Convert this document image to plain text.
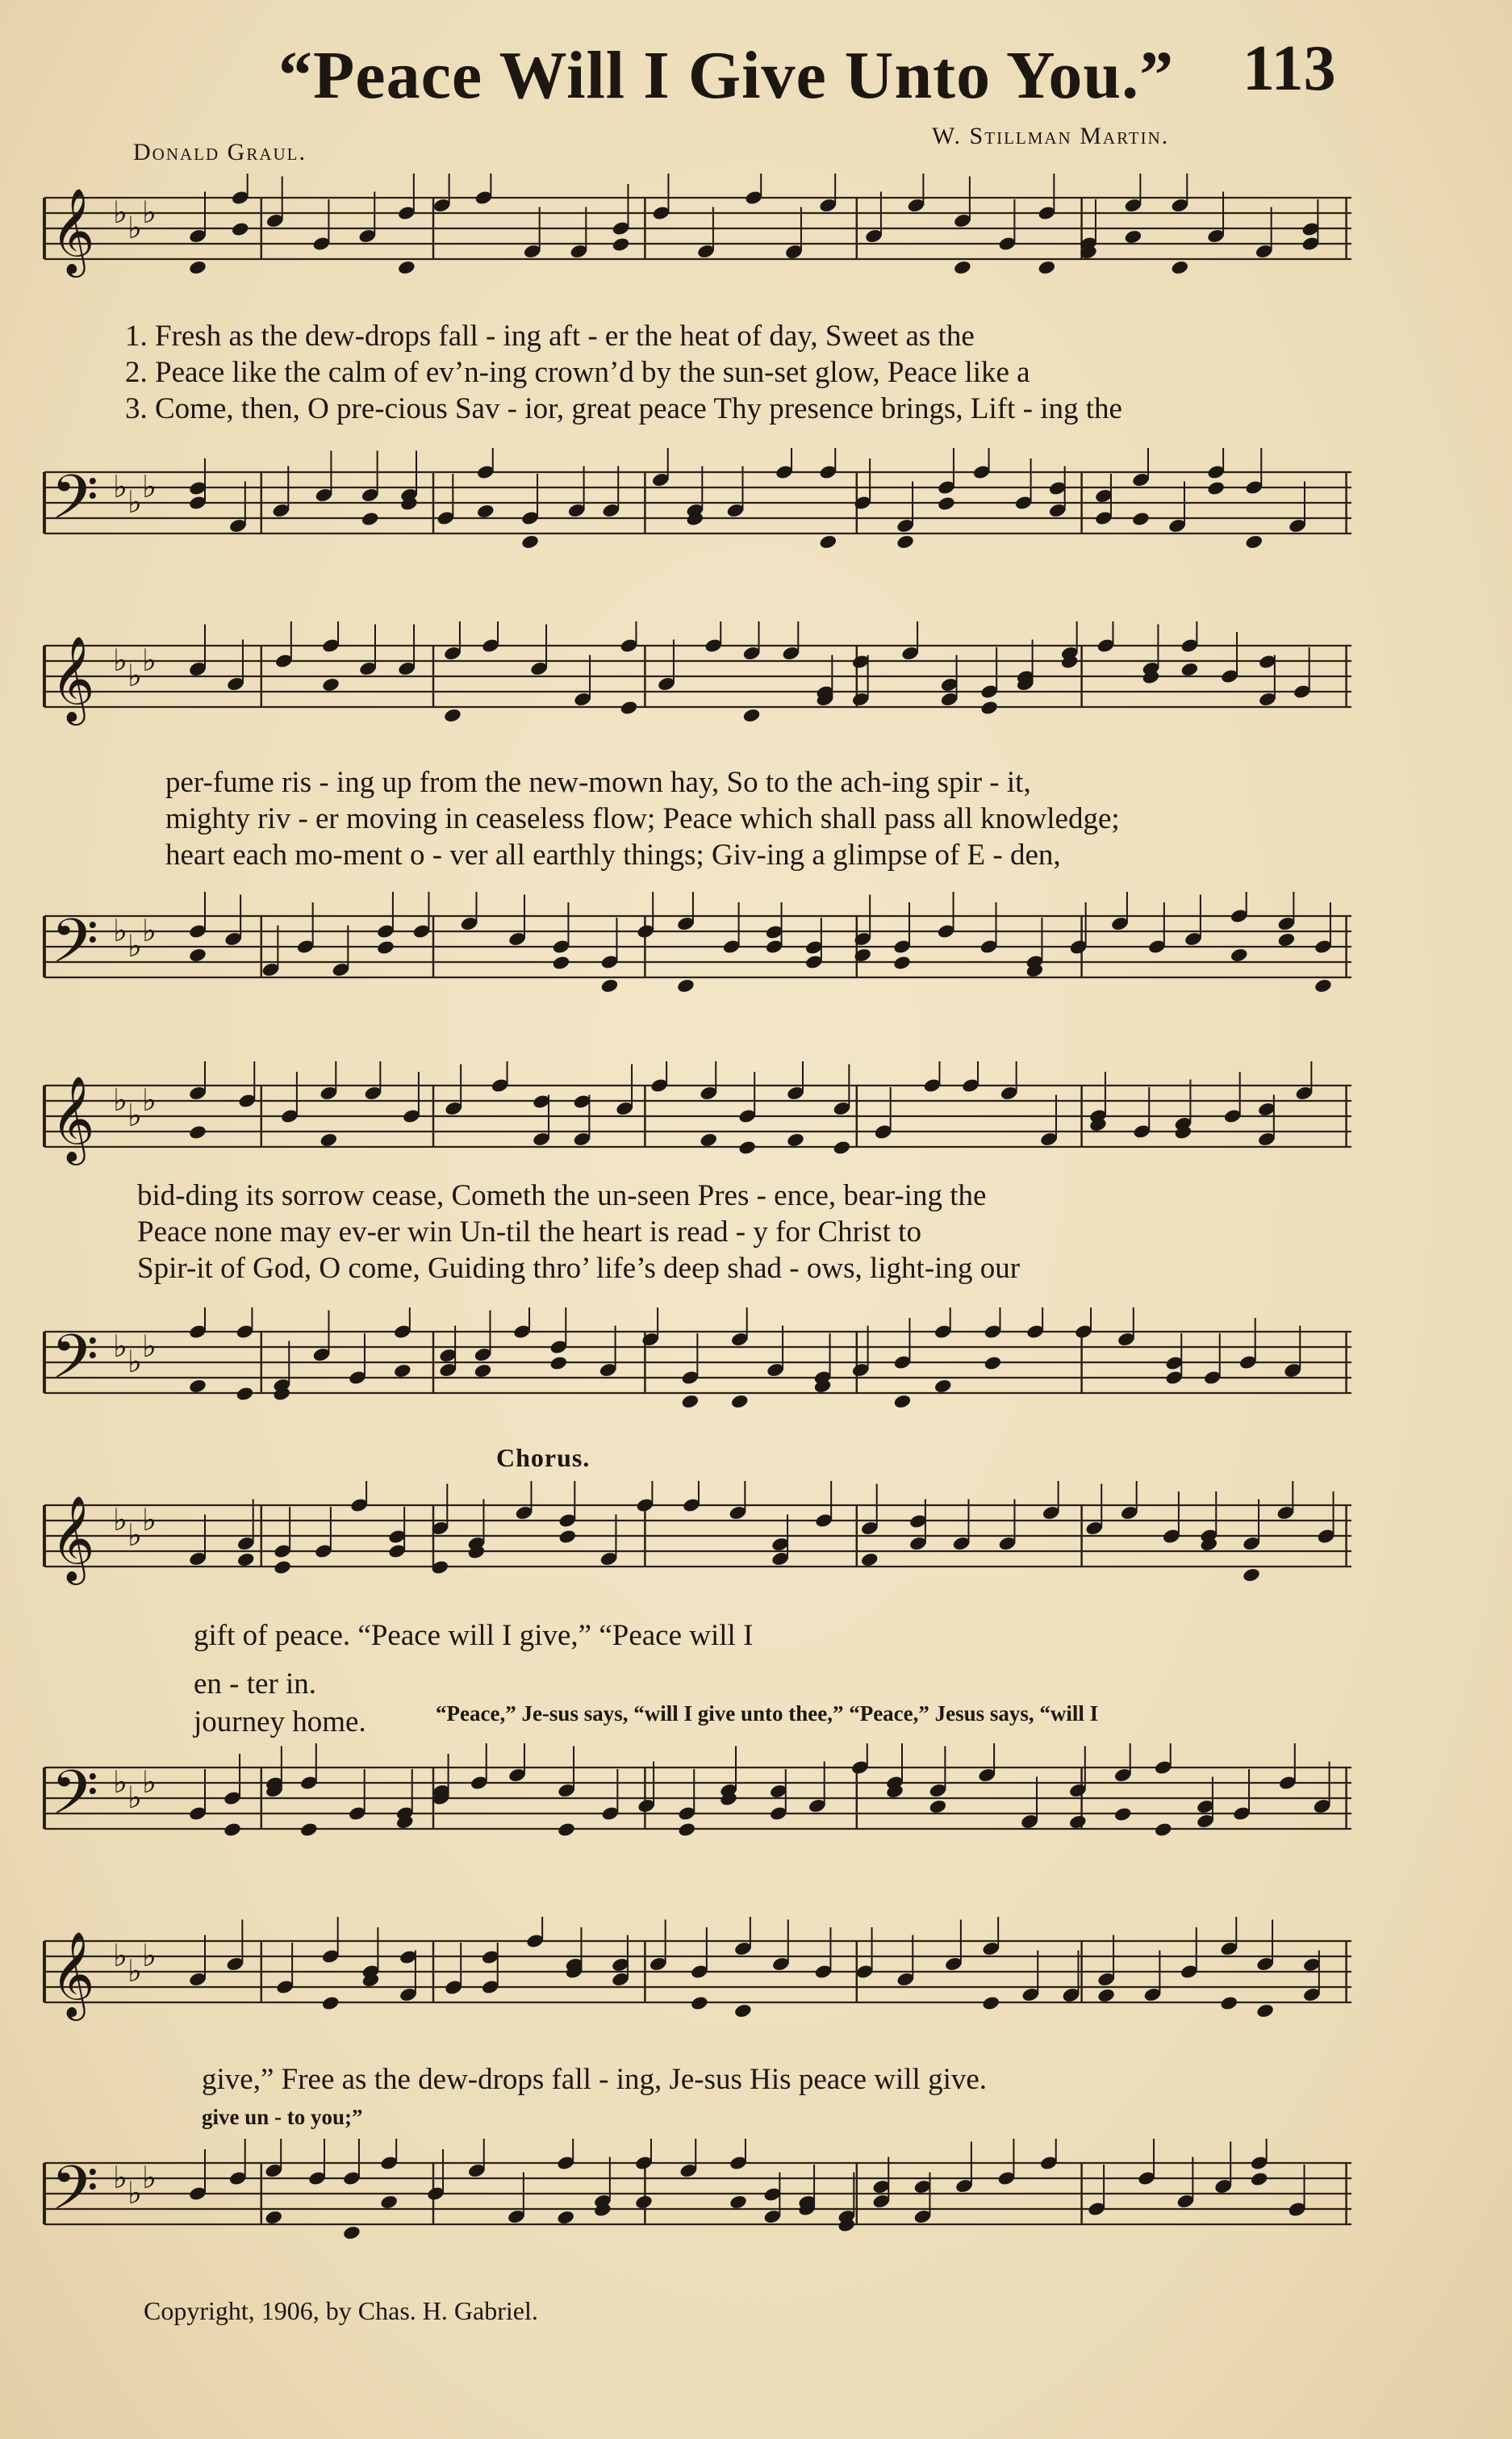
“Peace Will I Give Unto You.” 113
Donald Graul.
W. Stillman Martin.
𝄞 ♭ ♭ ♭
1. Fresh as the dew-drops fall - ing aft - er the heat of day, Sweet as the
2. Peace like the calm of ev’n-ing crown’d by the sun-set glow, Peace like a
3. Come, then, O pre-cious Sav - ior, great peace Thy presence brings, Lift - ing the
𝄢 ♭ ♭ ♭
𝄞 ♭ ♭ ♭
per-fume ris - ing up from the new-mown hay, So to the ach-ing spir - it,
mighty riv - er moving in ceaseless flow; Peace which shall pass all knowledge;
heart each mo-ment o - ver all earthly things; Giv-ing a glimpse of E - den,
𝄢 ♭ ♭ ♭
𝄞 ♭ ♭ ♭
bid-ding its sorrow cease, Cometh the un-seen Pres - ence, bear-ing the
Peace none may ev-er win Un-til the heart is read - y for Christ to
Spir-it of God, O come, Guiding thro’ life’s deep shad - ows, light-ing our
𝄢 ♭ ♭ ♭
Chorus.
𝄞 ♭ ♭ ♭
gift of peace. “Peace will I give,” “Peace will I
en - ter in.
journey home.	“Peace,” Je-sus says, “will I give unto thee,” “Peace,” Jesus says, “will I
𝄢 ♭ ♭ ♭
𝄞 ♭ ♭ ♭
give,” Free as the dew-drops fall - ing, Je-sus His peace will give.
give un - to you;”
𝄢 ♭ ♭ ♭
Copyright, 1906, by Chas. H. Gabriel.
